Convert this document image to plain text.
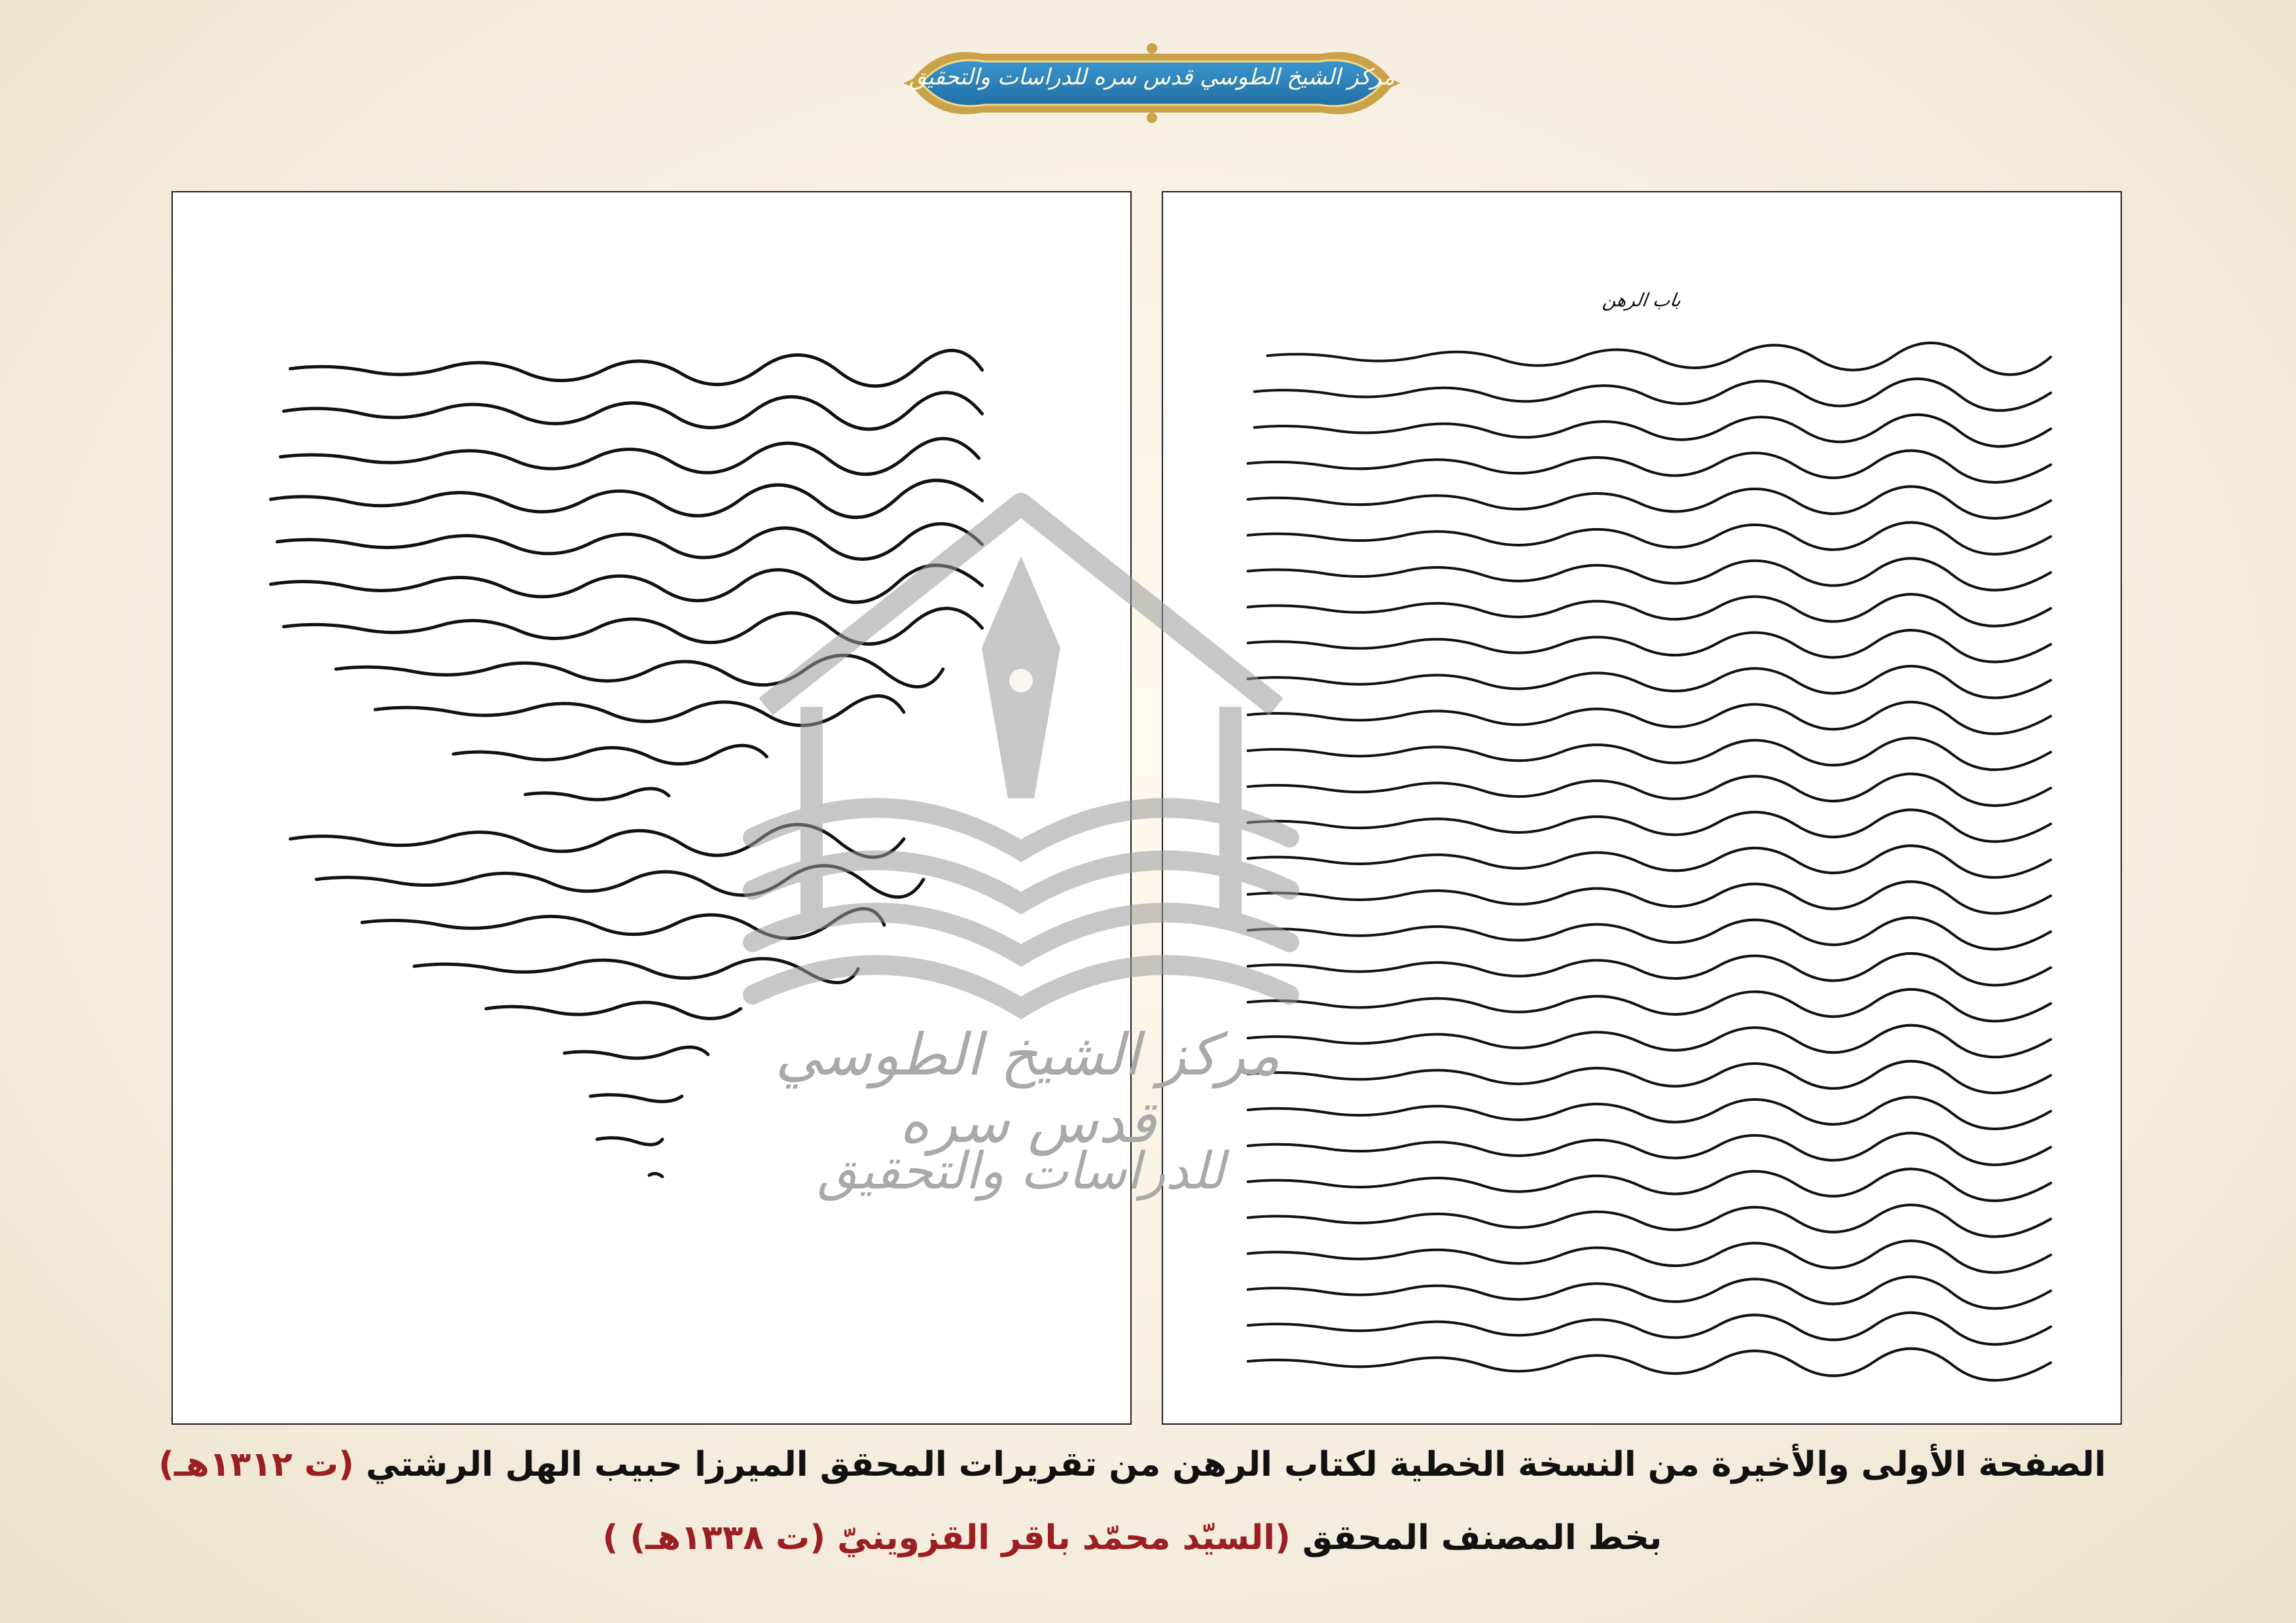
مركز الشيخ الطوسي قدس سره للدراسات والتحقيق
باب الرهن
مركز الشيخ الطوسي قدس سره
للدراسات والتحقيق
الصفحة الأولى والأخيرة من النسخة الخطية لكتاب الرهن من تقريرات المحقق الميرزا حبيب الهل الرشتي (ت ١٣١٢هـ)
بخط المصنف المحقق (السيّد محمّد باقر القزوينيّ (ت ١٣٣٨هـ) )
